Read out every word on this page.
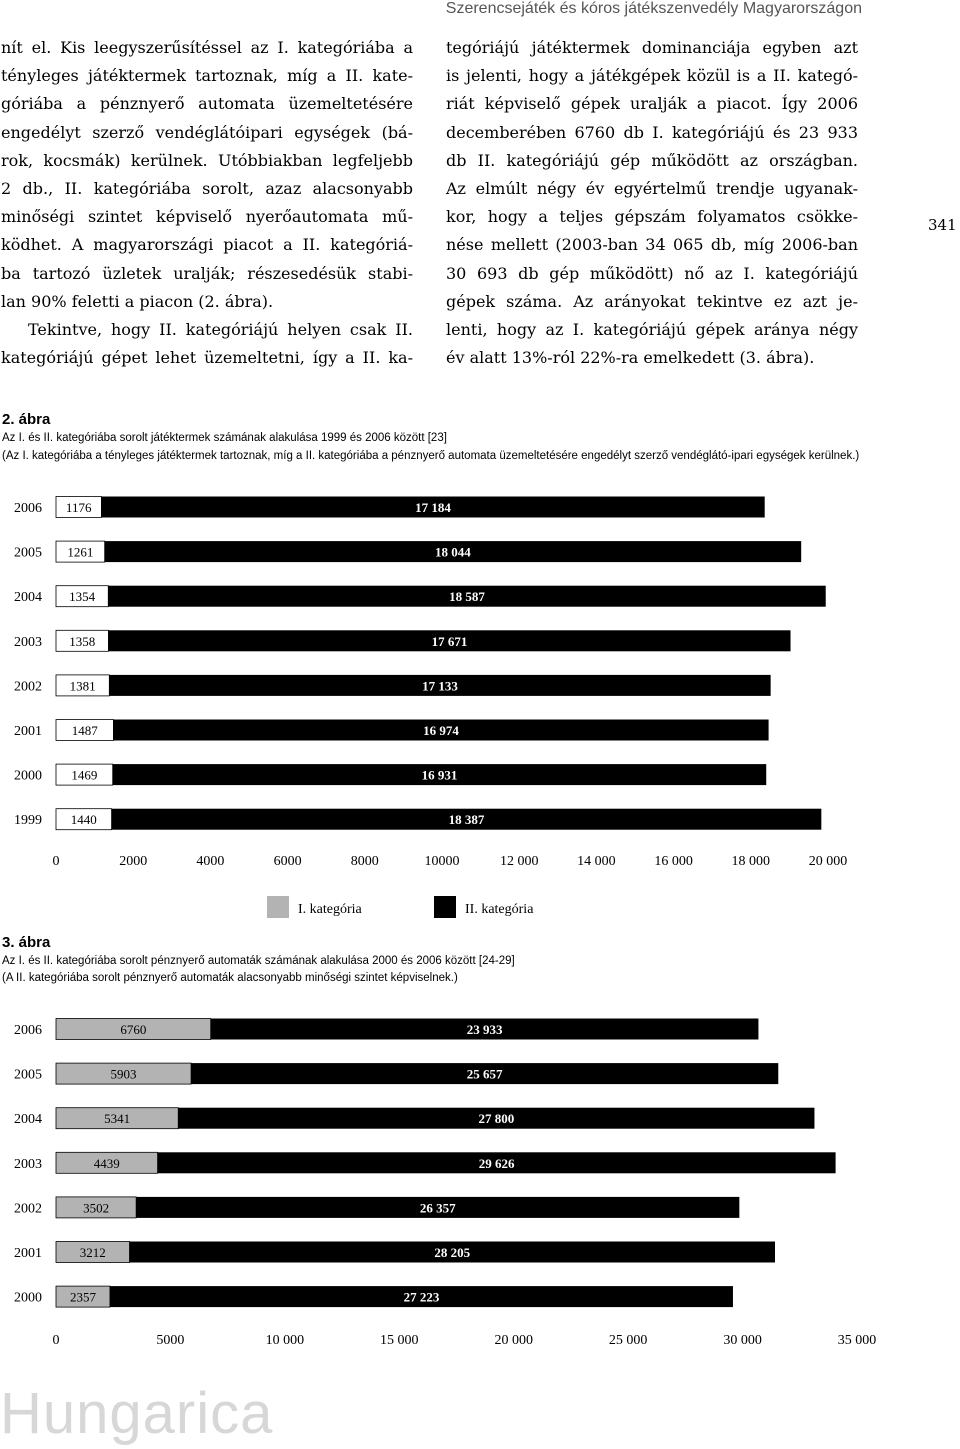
Szerencsejáték és kóros játékszenvedély Magyarországon

nít el. Kis leegyszerűsítéssel az I. kategóriába a

tényleges játéktermek tartoznak, míg a II. kate-

góriába a pénznyerő automata üzemeltetésére

engedélyt szerző vendéglátóipari egységek (bá-

rok, kocsmák) kerülnek. Utóbbiakban legfeljebb

2 db., II. kategóriába sorolt, azaz alacsonyabb

minőségi szintet képviselő nyerőautomata mű-

ködhet. A magyarországi piacot a II. kategóriá-

ba tartozó üzletek uralják; részesedésük stabi-

lan 90% feletti a piacon (2. ábra).

Tekintve, hogy II. kategóriájú helyen csak II.

kategóriájú gépet lehet üzemeltetni, így a II. ka-

tegóriájú játéktermek dominanciája egyben azt

is jelenti, hogy a játékgépek közül is a II. kategó-

riát képviselő gépek uralják a piacot. Így 2006

decemberében 6760 db I. kategóriájú és 23 933

db II. kategóriájú gép működött az országban.

Az elmúlt négy év egyértelmű trendje ugyanak-

kor, hogy a teljes gépszám folyamatos csökke-

nése mellett (2003-ban 34 065 db, míg 2006-ban

30 693 db gép működött) nő az I. kategóriájú

gépek száma. Az arányokat tekintve ez azt je-

lenti, hogy az I. kategóriájú gépek aránya négy

év alatt 13%-ról 22%-ra emelkedett (3. ábra).

341
2. ábra
Az I. és II. kategóriába sorolt játéktermek számának alakulása 1999 és 2006 között [23]
(Az I. kategóriába a tényleges játéktermek tartoznak, míg a II. kategóriába a pénznyerő automata üzemeltetésére engedélyt szerző vendéglátó-ipari egységek kerülnek.)
2006 1176	17 184
2005 1261	18 044
2004 1354	18 587
2003 1358	17 671
2002 1381	17 133
2001 1487	16 974
2000 1469	16 931
1999 1440	18 387
0	2000	4000	6000	8000	10000	12 000	14 000	16 000	18 000	20 000
I. kategória	II. kategória
3. ábra
Az I. és II. kategóriába sorolt pénznyerő automaták számának alakulása 2000 és 2006 között [24-29]
(A II. kategóriába sorolt pénznyerő automaták alacsonyabb minőségi szintet képviselnek.)
2006	6760	23 933
2005	5903	25 657
2004	5341	27 800
2003	4439	29 626
2002	3502	26 357
2001	3212	28 205
2000 2357	27 223
0	5000	10 000	15 000	20 000	25 000	30 000	35 000
Hungarica
